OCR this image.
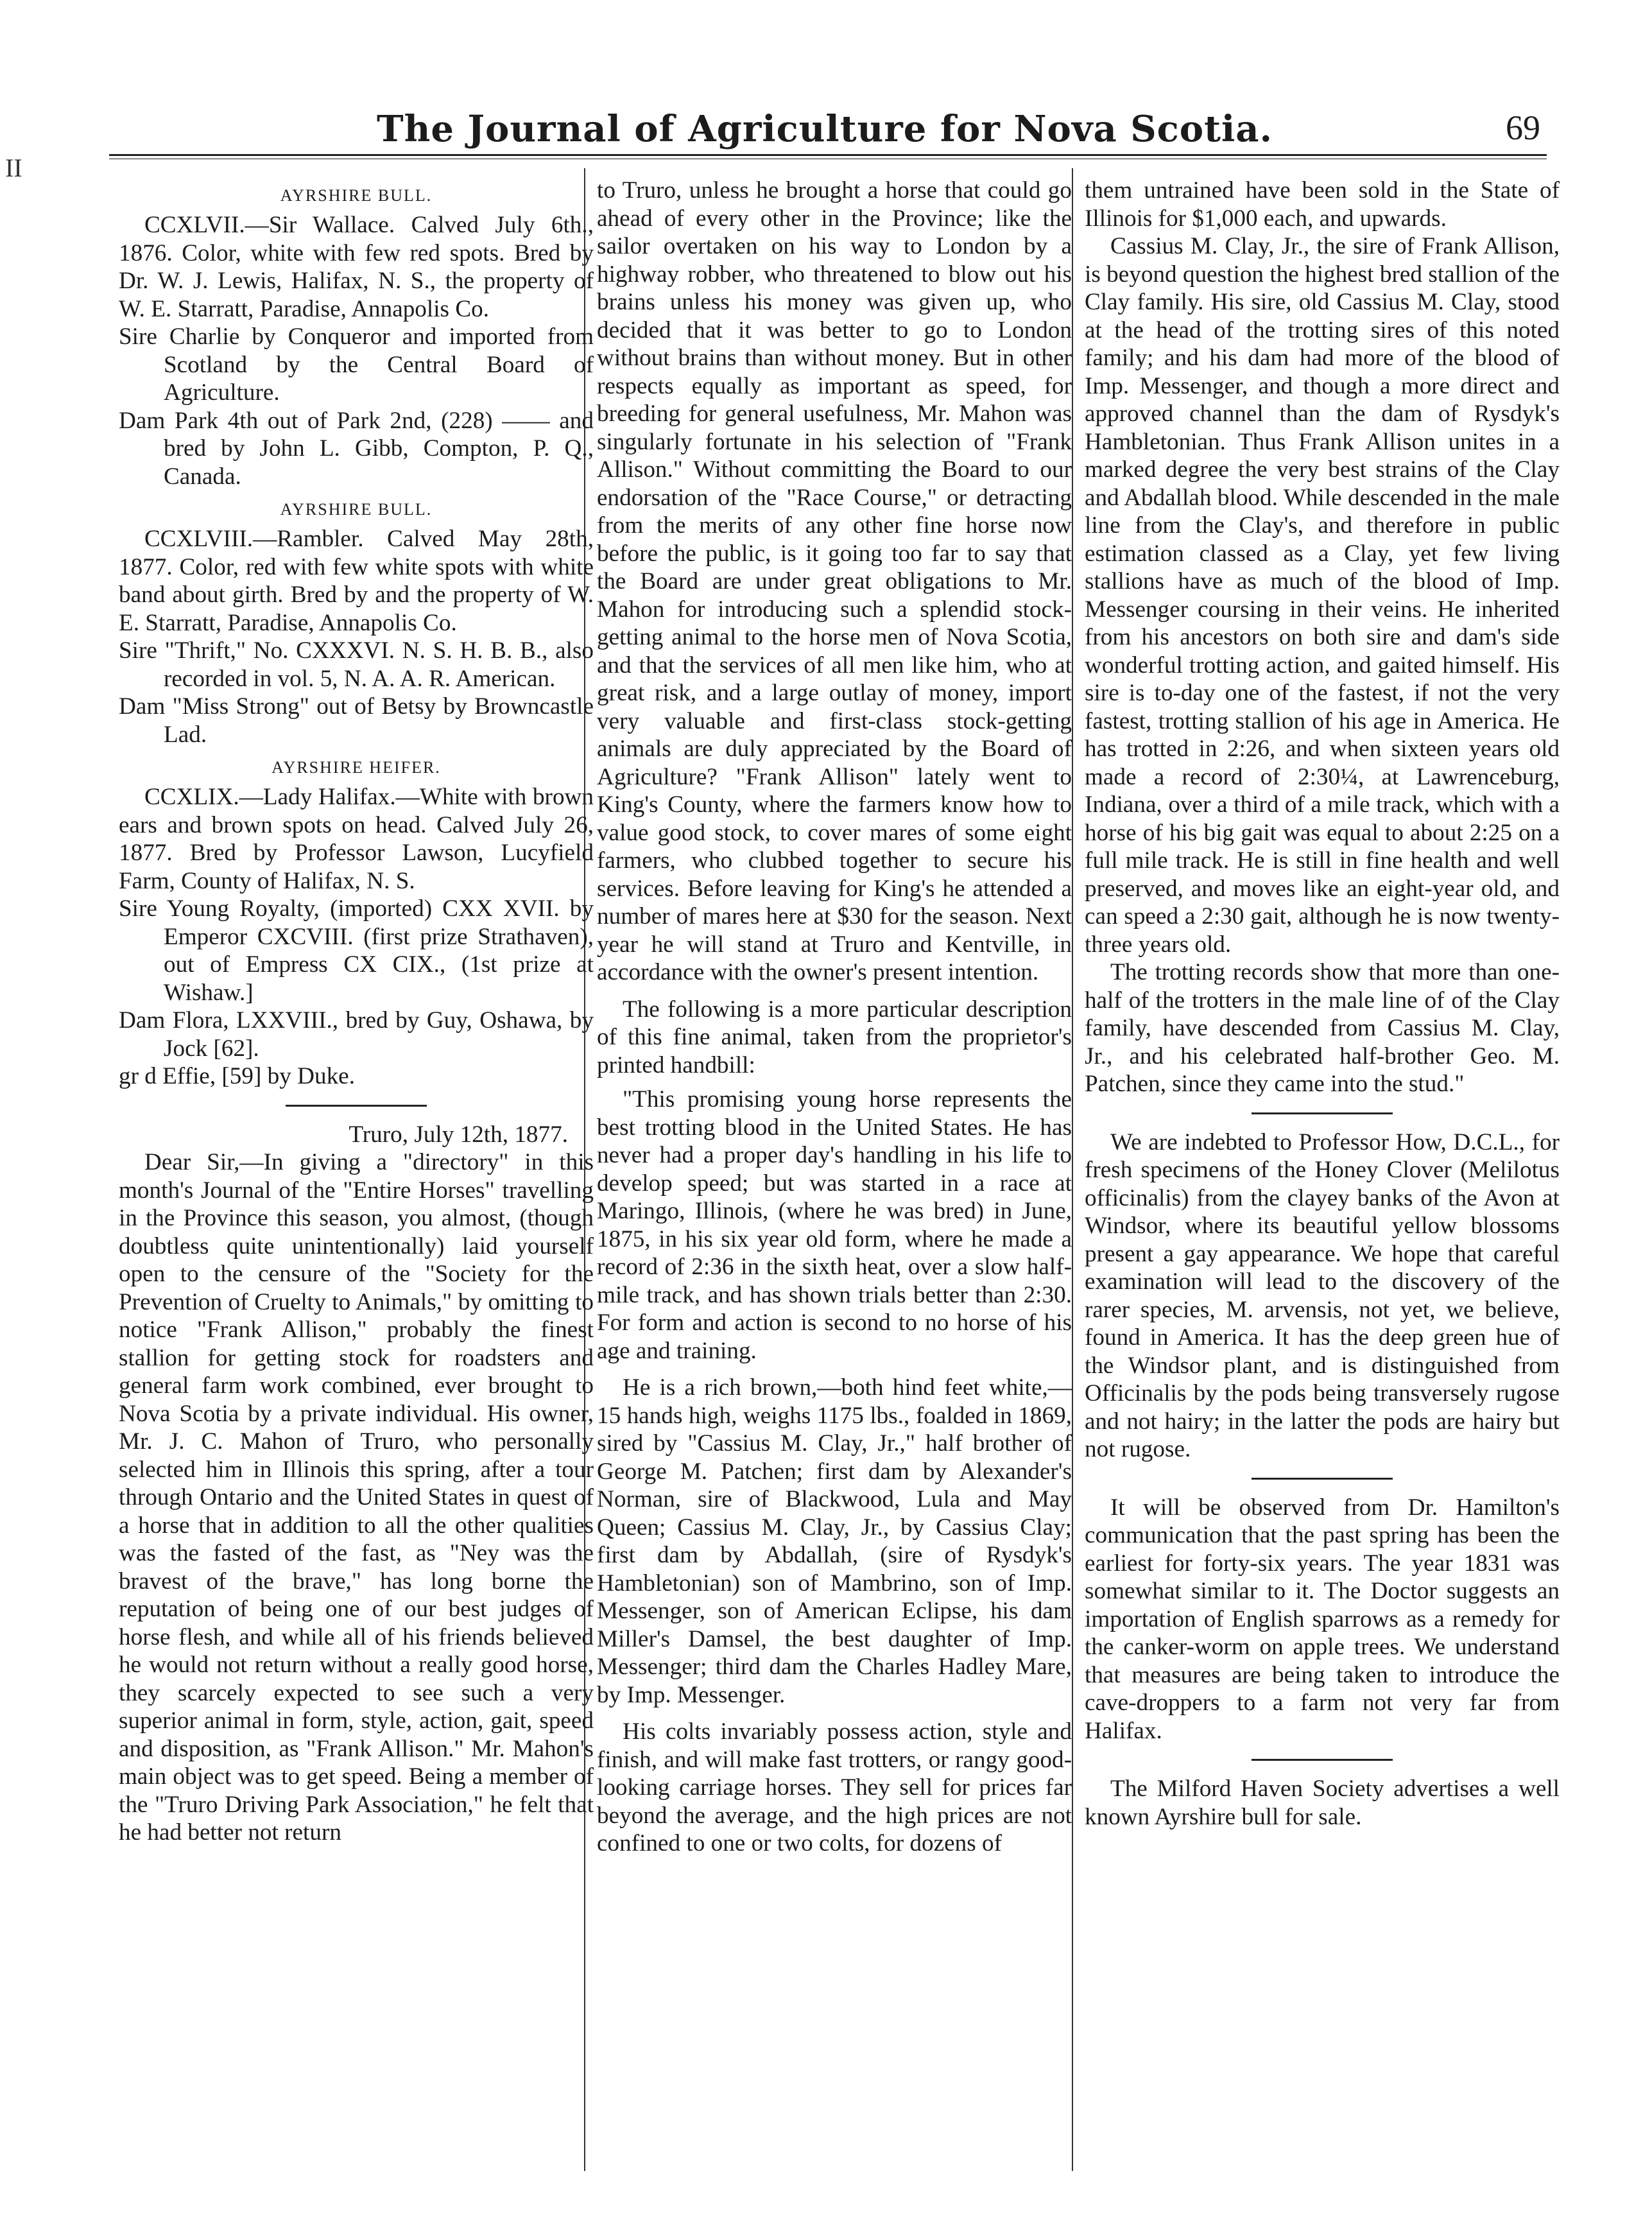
The Journal of Agriculture for Nova Scotia.	69
II

AYRSHIRE BULL.

CCXLVII.—Sir Wallace. Calved July 6th., 1876. Color, white with few red spots. Bred by Dr. W. J. Lewis, Halifax, N. S., the property of W. E. Starratt, Paradise, Annapolis Co.

Sire Charlie by Conqueror and imported from Scotland by the Central Board of Agriculture.

Dam Park 4th out of Park 2nd, (228) —— and bred by John L. Gibb, Compton, P. Q., Canada.

AYRSHIRE BULL.

CCXLVIII.—Rambler. Calved May 28th, 1877. Color, red with few white spots with white band about girth. Bred by and the property of W. E. Starratt, Paradise, Annapolis Co.

Sire "Thrift," No. CXXXVI. N. S. H. B. B., also recorded in vol. 5, N. A. A. R. American.

Dam "Miss Strong" out of Betsy by Browncastle Lad.

AYRSHIRE HEIFER.

CCXLIX.—Lady Halifax.—White with brown ears and brown spots on head. Calved July 26, 1877. Bred by Professor Lawson, Lucyfield Farm, County of Halifax, N. S.

Sire Young Royalty, (imported) CXX XVII. by Emperor CXCVIII. (first prize Strathaven), out of Empress CX CIX., (1st prize at Wishaw.]

Dam Flora, LXXVIII., bred by Guy, Oshawa, by Jock [62].

gr d Effie, [59] by Duke.

Truro, July 12th, 1877.

Dear Sir,—In giving a "directory" in this month's Journal of the "Entire Horses" travelling in the Province this season, you almost, (though doubtless quite unintentionally) laid yourself open to the censure of the "Society for the Prevention of Cruelty to Animals," by omitting to notice "Frank Allison," probably the finest stallion for getting stock for roadsters and general farm work combined, ever brought to Nova Scotia by a private individual. His owner, Mr. J. C. Mahon of Truro, who personally selected him in Illinois this spring, after a tour through Ontario and the United States in quest of a horse that in addition to all the other qualities was the fasted of the fast, as "Ney was the bravest of the brave," has long borne the reputation of being one of our best judges of horse flesh, and while all of his friends believed he would not return without a really good horse, they scarcely expected to see such a very superior animal in form, style, action, gait, speed and disposition, as "Frank Allison." Mr. Mahon's main object was to get speed. Being a member of the "Truro Driving Park Association," he felt that he had better not return

to Truro, unless he brought a horse that could go ahead of every other in the Province; like the sailor overtaken on his way to London by a highway robber, who threatened to blow out his brains unless his money was given up, who decided that it was better to go to London without brains than without money. But in other respects equally as important as speed, for breeding for general usefulness, Mr. Mahon was singularly fortunate in his selection of "Frank Allison." Without committing the Board to our endorsation of the "Race Course," or detracting from the merits of any other fine horse now before the public, is it going too far to say that the Board are under great obligations to Mr. Mahon for introducing such a splendid stock-getting animal to the horse men of Nova Scotia, and that the services of all men like him, who at great risk, and a large outlay of money, import very valuable and first-class stock-getting animals are duly appreciated by the Board of Agriculture? "Frank Allison" lately went to King's County, where the farmers know how to value good stock, to cover mares of some eight farmers, who clubbed together to secure his services. Before leaving for King's he attended a number of mares here at $30 for the season. Next year he will stand at Truro and Kentville, in accordance with the owner's present intention.

The following is a more particular description of this fine animal, taken from the proprietor's printed handbill:

"This promising young horse represents the best trotting blood in the United States. He has never had a proper day's handling in his life to develop speed; but was started in a race at Maringo, Illinois, (where he was bred) in June, 1875, in his six year old form, where he made a record of 2:36 in the sixth heat, over a slow half-mile track, and has shown trials better than 2:30. For form and action is second to no horse of his age and training.

He is a rich brown,—both hind feet white,—15 hands high, weighs 1175 lbs., foalded in 1869, sired by "Cassius M. Clay, Jr.," half brother of George M. Patchen; first dam by Alexander's Norman, sire of Blackwood, Lula and May Queen; Cassius M. Clay, Jr., by Cassius Clay; first dam by Abdallah, (sire of Rysdyk's Hambletonian) son of Mambrino, son of Imp. Messenger, son of American Eclipse, his dam Miller's Damsel, the best daughter of Imp. Messenger; third dam the Charles Hadley Mare, by Imp. Messenger.

His colts invariably possess action, style and finish, and will make fast trotters, or rangy good-looking carriage horses. They sell for prices far beyond the average, and the high prices are not confined to one or two colts, for dozens of

them untrained have been sold in the State of Illinois for $1,000 each, and upwards.

Cassius M. Clay, Jr., the sire of Frank Allison, is beyond question the highest bred stallion of the Clay family. His sire, old Cassius M. Clay, stood at the head of the trotting sires of this noted family; and his dam had more of the blood of Imp. Messenger, and though a more direct and approved channel than the dam of Rysdyk's Hambletonian. Thus Frank Allison unites in a marked degree the very best strains of the Clay and Abdallah blood. While descended in the male line from the Clay's, and therefore in public estimation classed as a Clay, yet few living stallions have as much of the blood of Imp. Messenger coursing in their veins. He inherited from his ancestors on both sire and dam's side wonderful trotting action, and gaited himself. His sire is to-day one of the fastest, if not the very fastest, trotting stallion of his age in America. He has trotted in 2:26, and when sixteen years old made a record of 2:30¼, at Lawrenceburg, Indiana, over a third of a mile track, which with a horse of his big gait was equal to about 2:25 on a full mile track. He is still in fine health and well preserved, and moves like an eight-year old, and can speed a 2:30 gait, although he is now twenty-three years old.

The trotting records show that more than one-half of the trotters in the male line of of the Clay family, have descended from Cassius M. Clay, Jr., and his celebrated half-brother Geo. M. Patchen, since they came into the stud."

We are indebted to Professor How, D.C.L., for fresh specimens of the Honey Clover (Melilotus officinalis) from the clayey banks of the Avon at Windsor, where its beautiful yellow blossoms present a gay appearance. We hope that careful examination will lead to the discovery of the rarer species, M. arvensis, not yet, we believe, found in America. It has the deep green hue of the Windsor plant, and is distinguished from Officinalis by the pods being transversely rugose and not hairy; in the latter the pods are hairy but not rugose.

It will be observed from Dr. Hamilton's communication that the past spring has been the earliest for forty-six years. The year 1831 was somewhat similar to it. The Doctor suggests an importation of English sparrows as a remedy for the canker-worm on apple trees. We understand that measures are being taken to introduce the cave-droppers to a farm not very far from Halifax.

The Milford Haven Society advertises a well known Ayrshire bull for sale.
